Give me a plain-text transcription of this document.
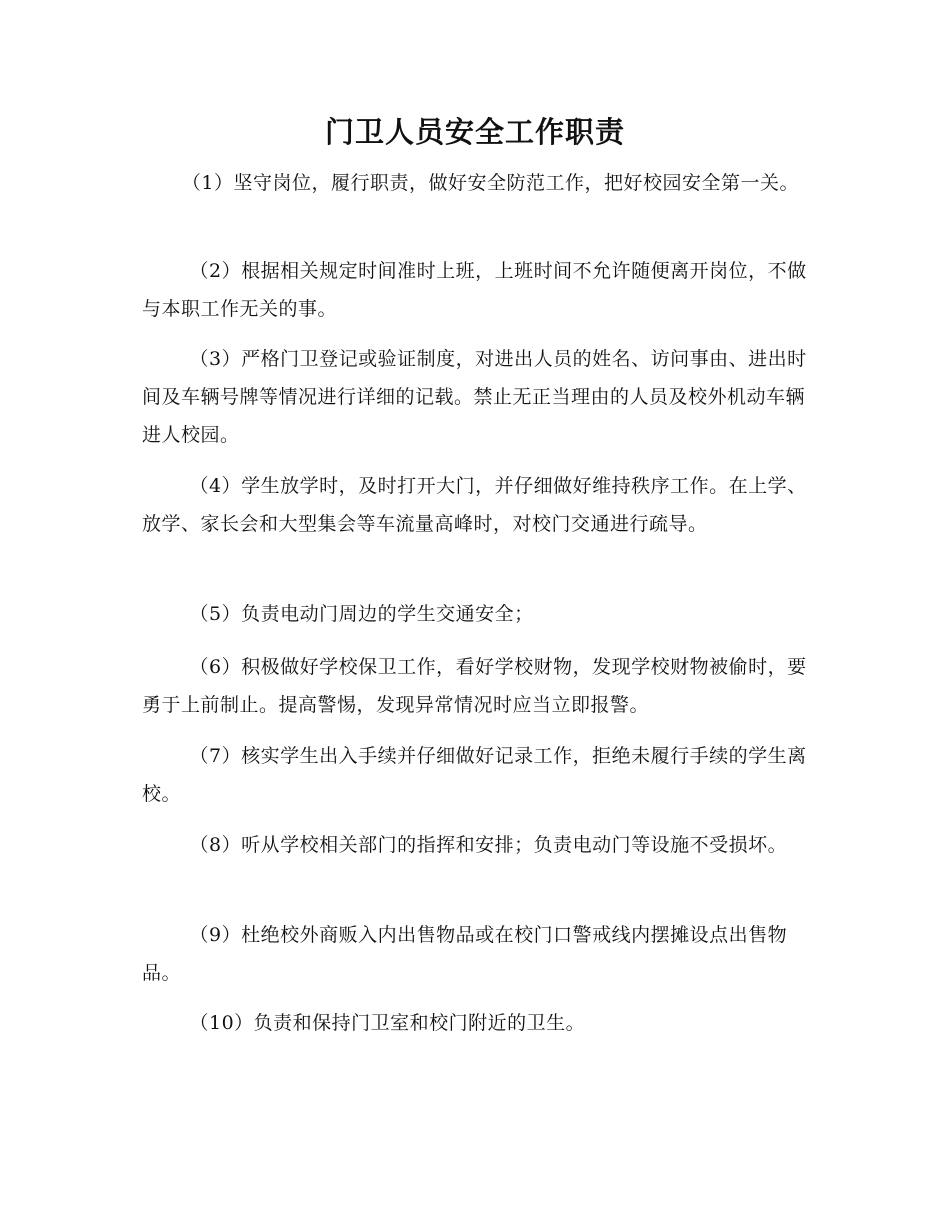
门卫人员安全工作职责
（1）坚守岗位，履行职责，做好安全防范工作，把好校园安全第一关。
（2）根据相关规定时间准时上班，上班时间不允许随便离开岗位，不做与本职工作无关的事。
（3）严格门卫登记或验证制度，对进出人员的姓名、访问事由、进出时间及车辆号牌等情况进行详细的记载。禁止无正当理由的人员及校外机动车辆进人校园。
（4）学生放学时，及时打开大门，并仔细做好维持秩序工作。在上学、放学、家长会和大型集会等车流量高峰时，对校门交通进行疏导。
（5）负责电动门周边的学生交通安全；
（6）积极做好学校保卫工作，看好学校财物，发现学校财物被偷时，要勇于上前制止。提高警惕，发现异常情况时应当立即报警。
（7）核实学生出入手续并仔细做好记录工作，拒绝未履行手续的学生离校。
（8）听从学校相关部门的指挥和安排；负责电动门等设施不受损坏。
（9）杜绝校外商贩入内出售物品或在校门口警戒线内摆摊设点出售物品。
（10）负责和保持门卫室和校门附近的卫生。
